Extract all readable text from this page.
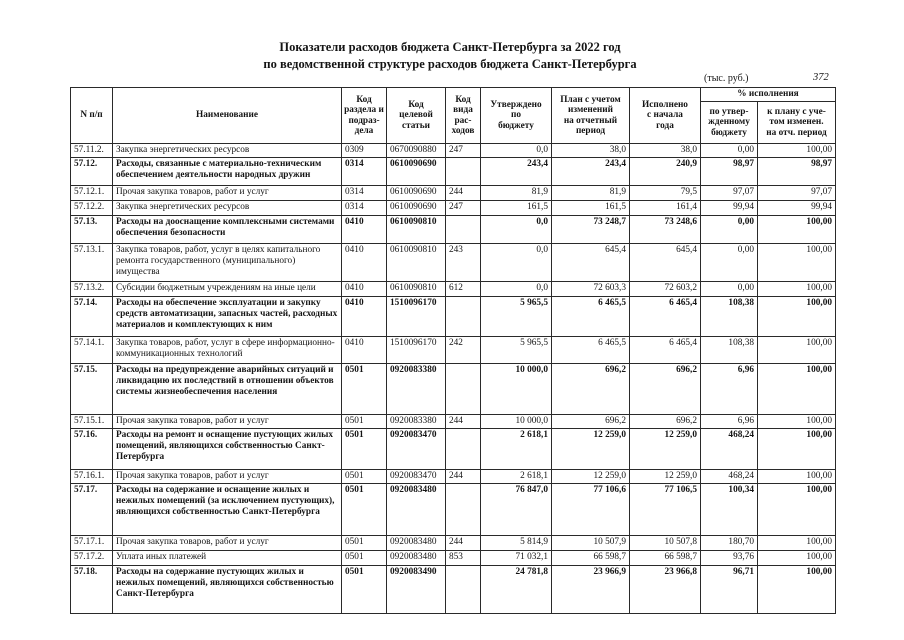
Показатели расходов бюджета Санкт-Петербурга за 2022 год
по ведомственной структуре расходов бюджета Санкт-Петербурга
(тыс. руб.)	372
N п/п	Наименование	Код
раздела и
подраз-
дела	Код
целевой
статьи	Код
вида
рас-
ходов	Утверждено
по
бюджету	План с учетом
изменений
на отчетный
период	Исполнено
с начала
года	% исполнения	
								по утвер-
жденному
бюджету	к плану с уче-
том изменен.
на отч. период
57.11.2.	Закупка энергетических ресурсов	0309	0670090880	247	0,0	38,0	38,0	0,00	100,00
57.12.	Расходы, связанные с материально-техническим обеспечением деятельности народных дружин	0314	0610090690		243,4	243,4	240,9	98,97	98,97
57.12.1.	Прочая закупка товаров, работ и услуг	0314	0610090690	244	81,9	81,9	79,5	97,07	97,07
57.12.2.	Закупка энергетических ресурсов	0314	0610090690	247	161,5	161,5	161,4	99,94	99,94
57.13.	Расходы на дооснащение комплексными системами обеспечения безопасности	0410	0610090810		0,0	73 248,7	73 248,6	0,00	100,00
57.13.1.	Закупка товаров, работ, услуг в целях капитального ремонта государственного (муниципального) имущества	0410	0610090810	243	0,0	645,4	645,4	0,00	100,00
57.13.2.	Субсидии бюджетным учреждениям на иные цели	0410	0610090810	612	0,0	72 603,3	72 603,2	0,00	100,00
57.14.	Расходы на обеспечение эксплуатации и закупку средств автоматизации, запасных частей, расходных материалов и комплектующих к ним	0410	1510096170		5 965,5	6 465,5	6 465,4	108,38	100,00
57.14.1.	Закупка товаров, работ, услуг в сфере информационно-коммуникационных технологий	0410	1510096170	242	5 965,5	6 465,5	6 465,4	108,38	100,00
57.15.	Расходы на предупреждение аварийных ситуаций и ликвидацию их последствий в отношении объектов системы жизнеобеспечения населения	0501	0920083380		10 000,0	696,2	696,2	6,96	100,00
57.15.1.	Прочая закупка товаров, работ и услуг	0501	0920083380	244	10 000,0	696,2	696,2	6,96	100,00
57.16.	Расходы на ремонт и оснащение пустующих жилых помещений, являющихся собственностью Санкт-Петербурга	0501	0920083470		2 618,1	12 259,0	12 259,0	468,24	100,00
57.16.1.	Прочая закупка товаров, работ и услуг	0501	0920083470	244	2 618,1	12 259,0	12 259,0	468,24	100,00
57.17.	Расходы на содержание и оснащение жилых и нежилых помещений (за исключением пустующих), являющихся собственностью Санкт-Петербурга	0501	0920083480		76 847,0	77 106,6	77 106,5	100,34	100,00
57.17.1.	Прочая закупка товаров, работ и услуг	0501	0920083480	244	5 814,9	10 507,9	10 507,8	180,70	100,00
57.17.2.	Уплата иных платежей	0501	0920083480	853	71 032,1	66 598,7	66 598,7	93,76	100,00
57.18.	Расходы на содержание пустующих жилых и нежилых помещений, являющихся собственностью Санкт-Петербурга	0501	0920083490		24 781,8	23 966,9	23 966,8	96,71	100,00
